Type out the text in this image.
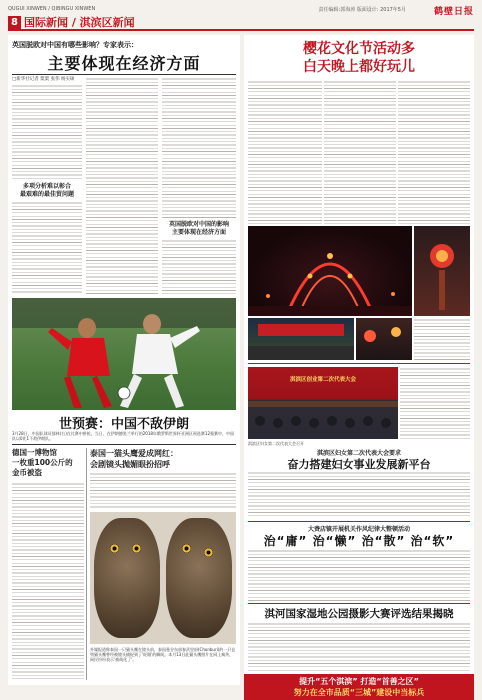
QUGUI XINWEN / QIBINGU XINWEN	责任编辑:郭海涛 版面设计: 2017年5月	鹤壁日报
8 国际新闻 / 淇滨区新闻
英国脱欧对中国有哪些影响？专家表示：
主要体现在经济方面
□新华社记者 粟粟 张伟 杨实硕
多项分析难以彰合
最艰难的最佳贸问题
英国脱欧对中国的影响
主要体现在经济方面
世预赛：中国不敌伊朗
3月28日，中国队球员郜林(右)在比赛中拼抢。当日，在伊朗德黑兰举行的2018年俄罗斯世界杯亚洲区预选赛12强赛中，中国队以0比1不敌伊朗队。
德国一博物馆
一枚重100公斤的
金币被盗
泰国一猫头鹰爱成网红：
会剧镜头抛媚眼扮招呼
外媒报道称泰国一只猫头鹰在镜头前，泰国曼谷东部春武里府(Chonburi)的一只仓鸮猫头鹰曾经被镜头捕捉到了'眨眼'的瞬间。本月13日此猫头鹰照片在网上疯传，网民纷纷表示'被萌化了'。
樱花文化节活动多
白天晚上都好玩儿
淇滨区创业第二次代表大会
淇滨区妇女第二次代表大会召开
淇滨区妇女第二次代表大会要求
奋力搭建妇女事业发展新平台
大赉店镇开展机关作风纪律大整顿活动
治“庸” 治“懒” 治“散” 治“软”
淇河国家湿地公园摄影大赛评选结果揭晓
提升“五个淇滨” 打造“首善之区”
努力在全市品质“三城”建设中当标兵
